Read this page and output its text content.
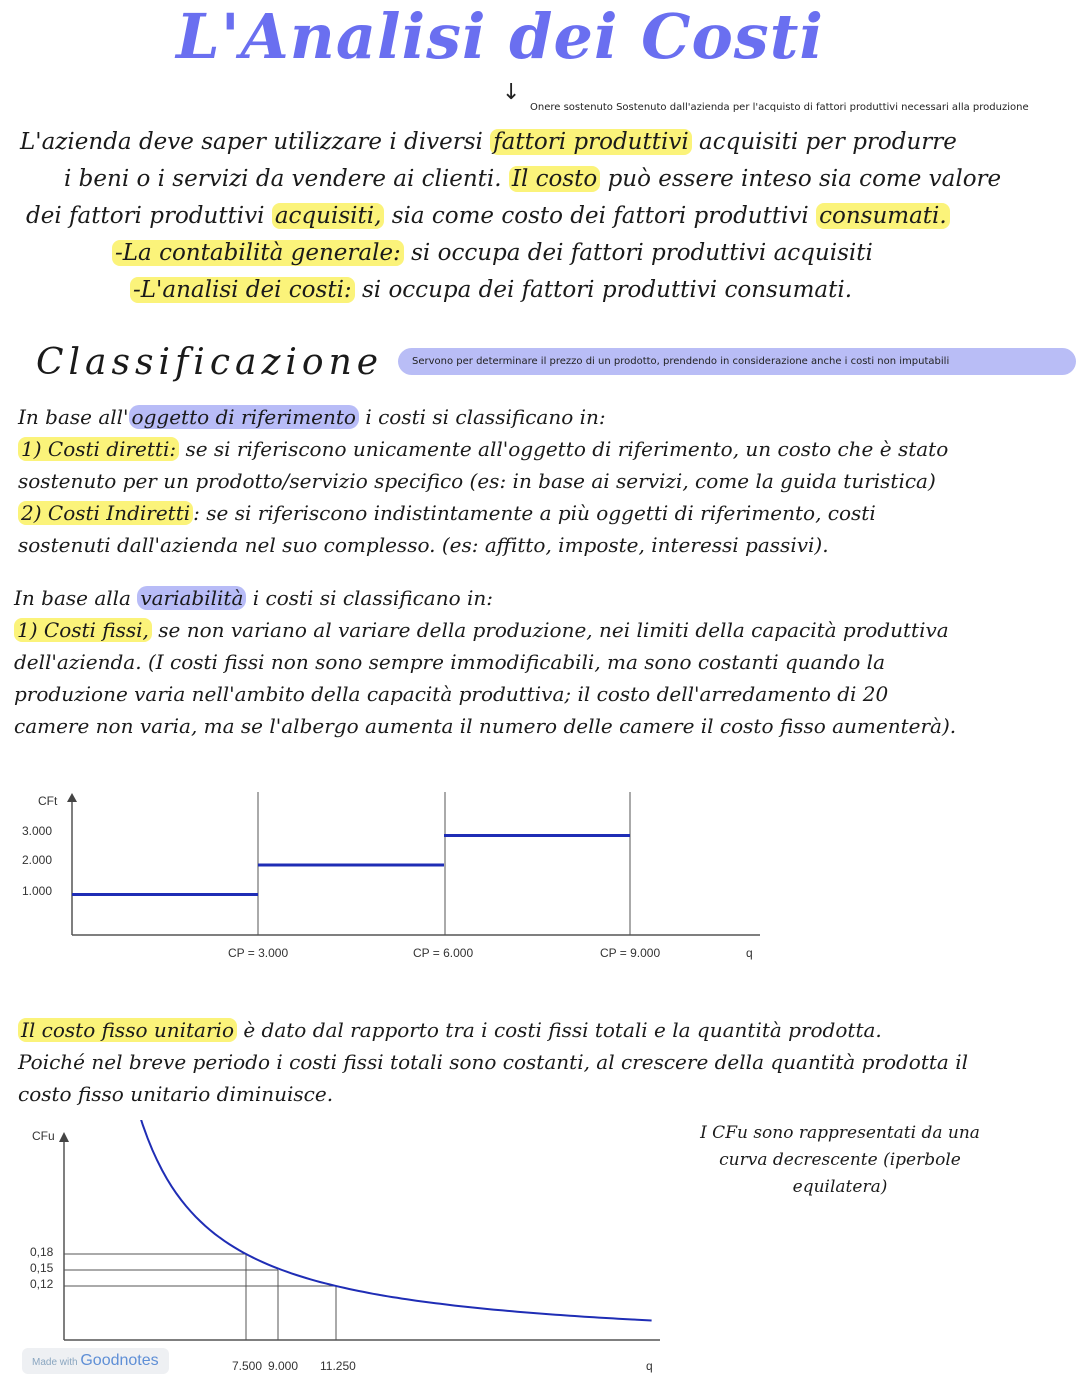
L'Analisi dei Costi
↓
Onere sostenuto Sostenuto dall'azienda per l'acquisto di fattori produttivi necessari alla produzione
L'azienda deve saper utilizzare i diversi fattori produttivi acquisiti per produrre
i beni o i servizi da vendere ai clienti. Il costo può essere inteso sia come valore
dei fattori produttivi acquisiti, sia come costo dei fattori produttivi consumati.
-La contabilità generale: si occupa dei fattori produttivi acquisiti
-L'analisi dei costi: si occupa dei fattori produttivi consumati.
Classificazione	Servono per determinare il prezzo di un prodotto, prendendo in considerazione anche i costi non imputabili
In base all' oggetto di riferimento i costi si classificano in:
1) Costi diretti: se si riferiscono unicamente all'oggetto di riferimento, un costo che è stato
sostenuto per un prodotto/servizio specifico (es: in base ai servizi, come la guida turistica)
2) Costi Indiretti : se si riferiscono indistintamente a più oggetti di riferimento, costi
sostenuti dall'azienda nel suo complesso. (es: affitto, imposte, interessi passivi).
In base alla variabilità i costi si classificano in:
1) Costi fissi, se non variano al variare della produzione, nei limiti della capacità produttiva
dell'azienda. (I costi fissi non sono sempre immodificabili, ma sono costanti quando la
produzione varia nell'ambito della capacità produttiva; il costo dell'arredamento di 20
camere non varia, ma se l'albergo aumenta il numero delle camere il costo fisso aumenterà).
CFt
3.000
2.000
1.000
CP = 3.000	CP = 6.000	CP = 9.000	q
Il costo fisso unitario è dato dal rapporto tra i costi fissi totali e la quantità prodotta.
Poiché nel breve periodo i costi fissi totali sono costanti, al crescere della quantità prodotta il
costo fisso unitario diminuisce.
I CFu sono rappresentati da una
curva decrescente (iperbole
equilatera)
CFu
0,18
0,15
0,12
7.500 9.000 11.250	q
Made with Goodnotes
